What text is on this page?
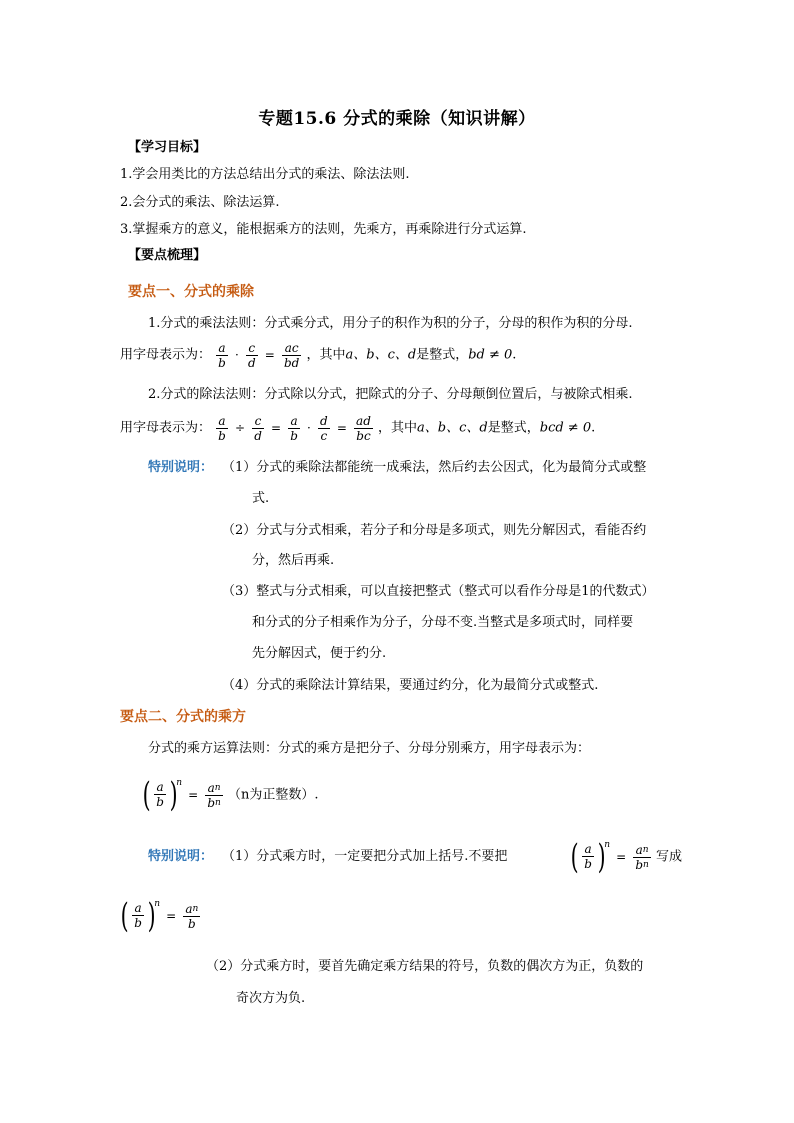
专题15.6 分式的乘除（知识讲解）
【学习目标】
1.学会用类比的方法总结出分式的乘法、除法法则.
2.会分式的乘法、除法运算.
3.掌握乘方的意义，能根据乘方的法则，先乘方，再乘除进行分式运算.
【要点梳理】
要点一、分式的乘除
1.分式的乘法法则：分式乘分式，用分子的积作为积的分子，分母的积作为积的分母.
用字母表示为： $\frac{a}{b} \cdot \frac{c}{d} = \frac{ac}{bd}$ ，其中a、b、c、d是整式，bd ≠ 0.
2.分式的除法法则：分式除以分式，把除式的分子、分母颠倒位置后，与被除式相乘.
用字母表示为： $\frac{a}{b} \div \frac{c}{d} = \frac{a}{b} \cdot \frac{d}{c} = \frac{ad}{bc}$ ，其中a、b、c、d是整式，bcd ≠ 0.
特别说明： （1）分式的乘除法都能统一成乘法，然后约去公因式，化为最简分式或整
式.
（2）分式与分式相乘，若分子和分母是多项式，则先分解因式，看能否约
分，然后再乘.
（3）整式与分式相乘，可以直接把整式（整式可以看作分母是1的代数式）
和分式的分子相乘作为分子，分母不变.当整式是多项式时，同样要
先分解因式，便于约分.
（4）分式的乘除法计算结果，要通过约分，化为最简分式或整式.
要点二、分式的乘方
分式的乘方运算法则：分式的乘方是把分子、分母分别乘方，用字母表示为：
( $\frac{a}{b} )^n = \frac{a^n}{b^n} (n$为正整数）.
特别说明： （1）分式乘方时，一定要把分式加上括号.不要把 ( $\frac{a}{b} )^n = \frac{a^n}{b^n}$ 写成
( $\frac{a}{b} )^n = \frac{a^n}{b}$
（2）分式乘方时，要首先确定乘方结果的符号，负数的偶次方为正，负数的
奇次方为负.
